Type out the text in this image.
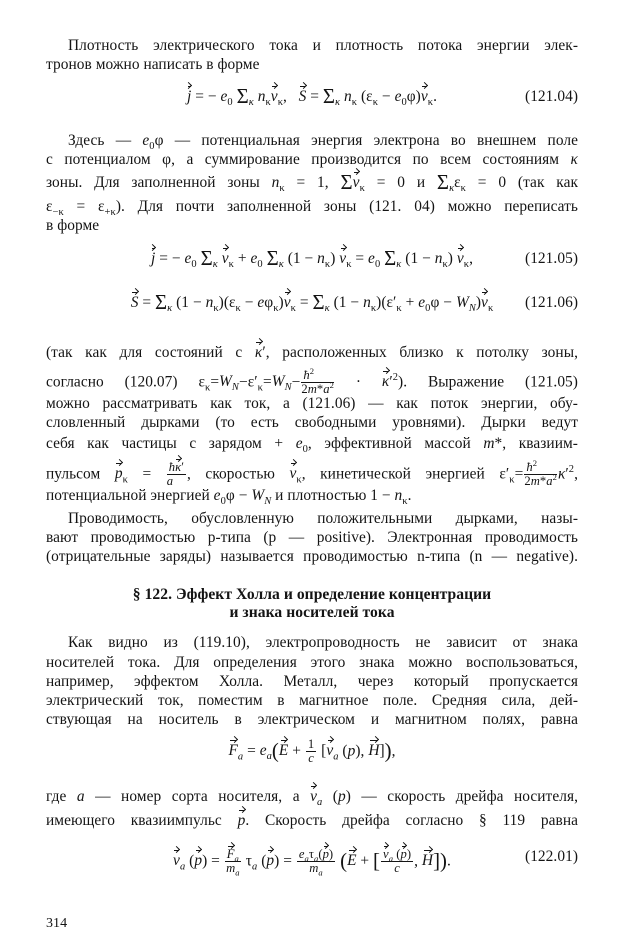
Плотность электрического тока и плотность потока энергии элек-
тронов можно написать в форме
j = − $e_0$ $\Sigma_\kappa$ $n_\kappa v_\kappa$,   $S = \Sigma_\kappa$ $n_\kappa$ $(\varepsilon_\kappa - e_0\varphi)v_\kappa$.	(121.04)
Здесь — $e_0\varphi$ — потенциальная энергия электрона во внешнем поле
с потенциалом φ, а суммирование производится по всем состояниям κ
зоны. Для заполненной зоны $n_\kappa = 1$, $\Sigma v_\kappa = 0$ и $\Sigma_\kappa\varepsilon_\kappa = 0$ (так как
$\varepsilon_{-\kappa} = \varepsilon_{+\kappa}$). Для почти заполненной зоны (121. 04) можно переписать
в форме
j = − $e_0$ $\Sigma_\kappa$ $v_\kappa + e_0$ $\Sigma_\kappa$ $(1 - n_\kappa)$ $v_\kappa = e_0$ $\Sigma_\kappa$ $(1 - n_\kappa)$ $v_\kappa$,	(121.05)
$S = \Sigma_\kappa$ $(1 - n_\kappa)(\varepsilon_\kappa - e\varphi_\kappa)v_\kappa = \Sigma_\kappa$ $(1 - n_\kappa)(\varepsilon'_\kappa + e_0\varphi - W_N)v_\kappa$ (121.06)
(так как для состояний с κ′, расположенных близко к потолку зоны,
согласно (120.07) $\varepsilon_\kappa=W_N-\varepsilon'_\kappa=W_N- \frac{ħ^2}{2m*a^2} \cdot \kappa'^2$). Выражение (121.05)
можно рассматривать как ток, а (121.06) — как поток энергии, обу-
словленный дырками (то есть свободными уровнями). Дырки ведут
себя как частицы с зарядом + $e_0$, эффективной массой m*, квазиим-
пульсом $p_\kappa = \frac{ħ\kappa'}{a}$ , скоростью $v_\kappa$, кинетической энергией $\varepsilon'_\kappa= \frac{ħ^2}{2m*a^2} \kappa'^2$,
потенциальной энергией $e_0\varphi - W_N$ и плотностью $1 - n_\kappa$.
Проводимость, обусловленную положительными дырками, назы-
вают проводимостью p-типа (p — positive). Электронная проводимость
(отрицательные заряды) называется проводимостью n-типа (n — negative).
§ 122. Эффект Холла и определение концентрации
и знака носителей тока
Как видно из (119.10), электропроводность не зависит от знака
носителей тока. Для определения этого знака можно воспользоваться,
например, эффектом Холла. Металл, через который пропускается
электрический ток, поместим в магнитное поле. Средняя сила, дей-
ствующая на носитель в электрическом и магнитном полях, равна
$F_a = e_a(E + \frac{1}{c} [v_a$ (p), H]),
где a — номер сорта носителя, а $v_a$ (p) — скорость дрейфа носителя,
имеющего квазиимпульс p. Скорость дрейфа согласно § 119 равна
$v_a$ $(p) = \frac{F_a}{m_a} \tau_a$ $(p) = \frac{e_a\tau_a(p)}{m_a} (E$ + [ $\frac{v_a (p)}{c}$ , H]).	(122.01)
314
